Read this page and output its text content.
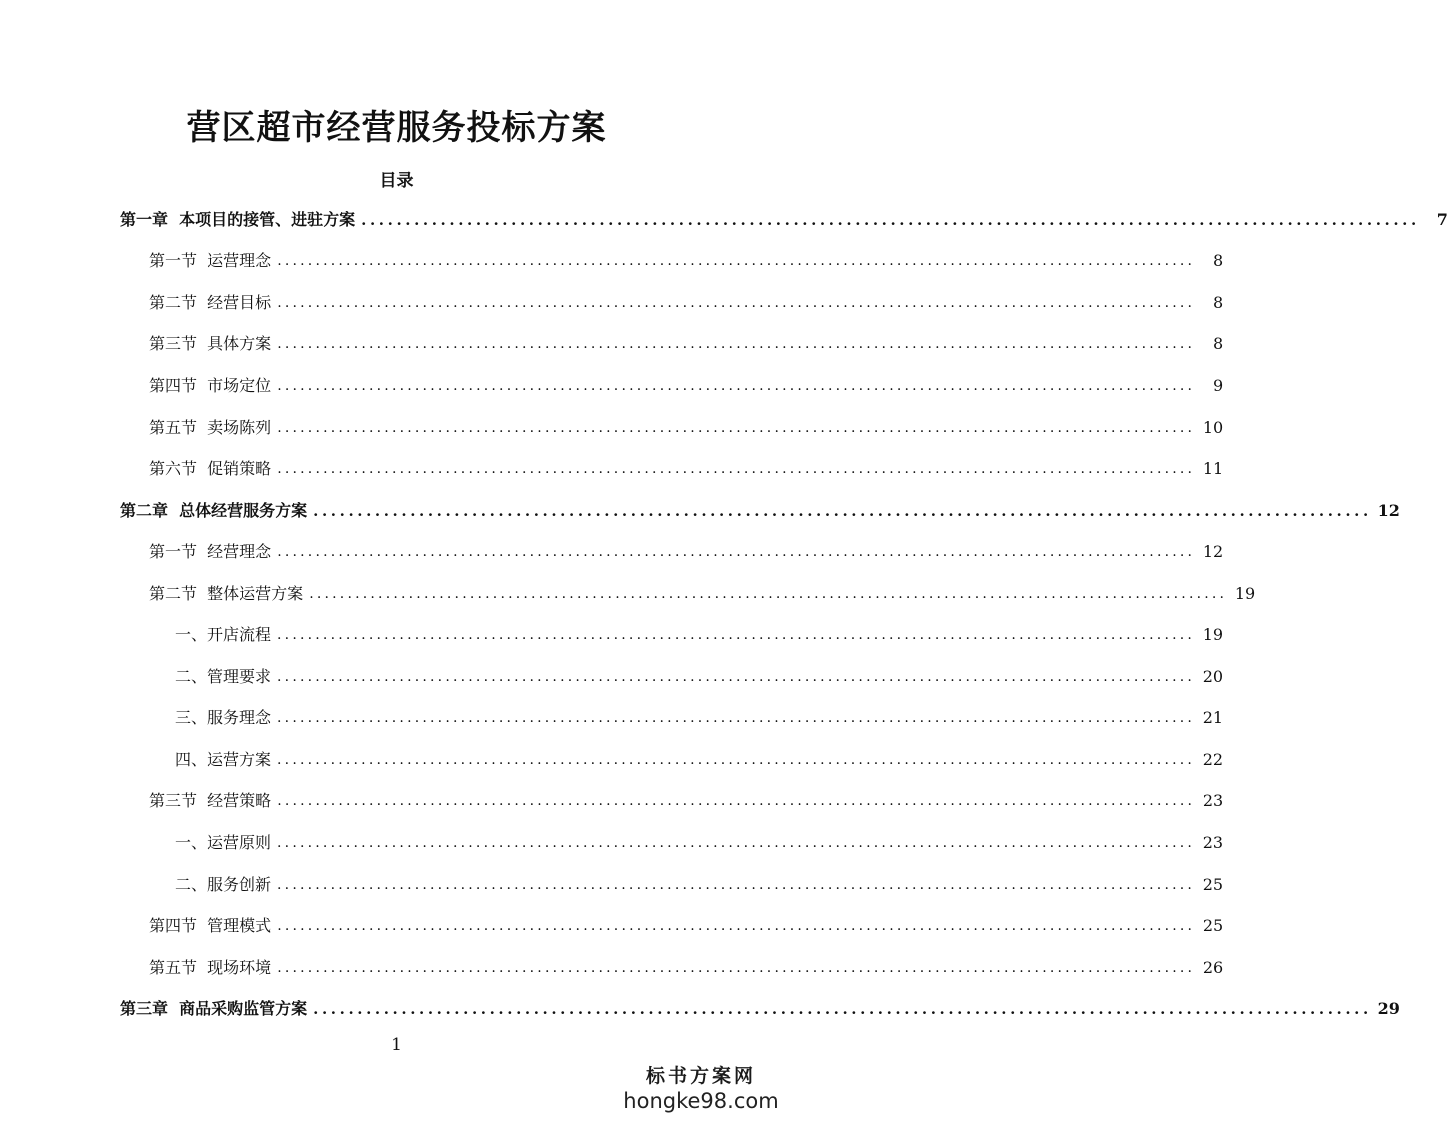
营区超市经营服务投标方案
目录
第一章  本项目的接管、进驻方案 ........................................................................................................................	7
第一节  运营理念 ........................................................................................................................	8
第二节  经营目标 ........................................................................................................................	8
第三节  具体方案 ........................................................................................................................	8
第四节  市场定位 ........................................................................................................................	9
第五节  卖场陈列 ........................................................................................................................ 10
第六节  促销策略 ........................................................................................................................ 11
第二章  总体经营服务方案 ........................................................................................................................ 12
第一节  经营理念 ........................................................................................................................ 12
第二节  整体运营方案 ........................................................................................................................ 19
一、开店流程 ........................................................................................................................ 19
二、管理要求 ........................................................................................................................ 20
三、服务理念 ........................................................................................................................ 21
四、运营方案 ........................................................................................................................ 22
第三节  经营策略 ........................................................................................................................ 23
一、运营原则 ........................................................................................................................ 23
二、服务创新 ........................................................................................................................ 25
第四节  管理模式 ........................................................................................................................ 25
第五节  现场环境 ........................................................................................................................ 26
第三章  商品采购监管方案 ........................................................................................................................ 29

1

标书方案网
hongke98.com
